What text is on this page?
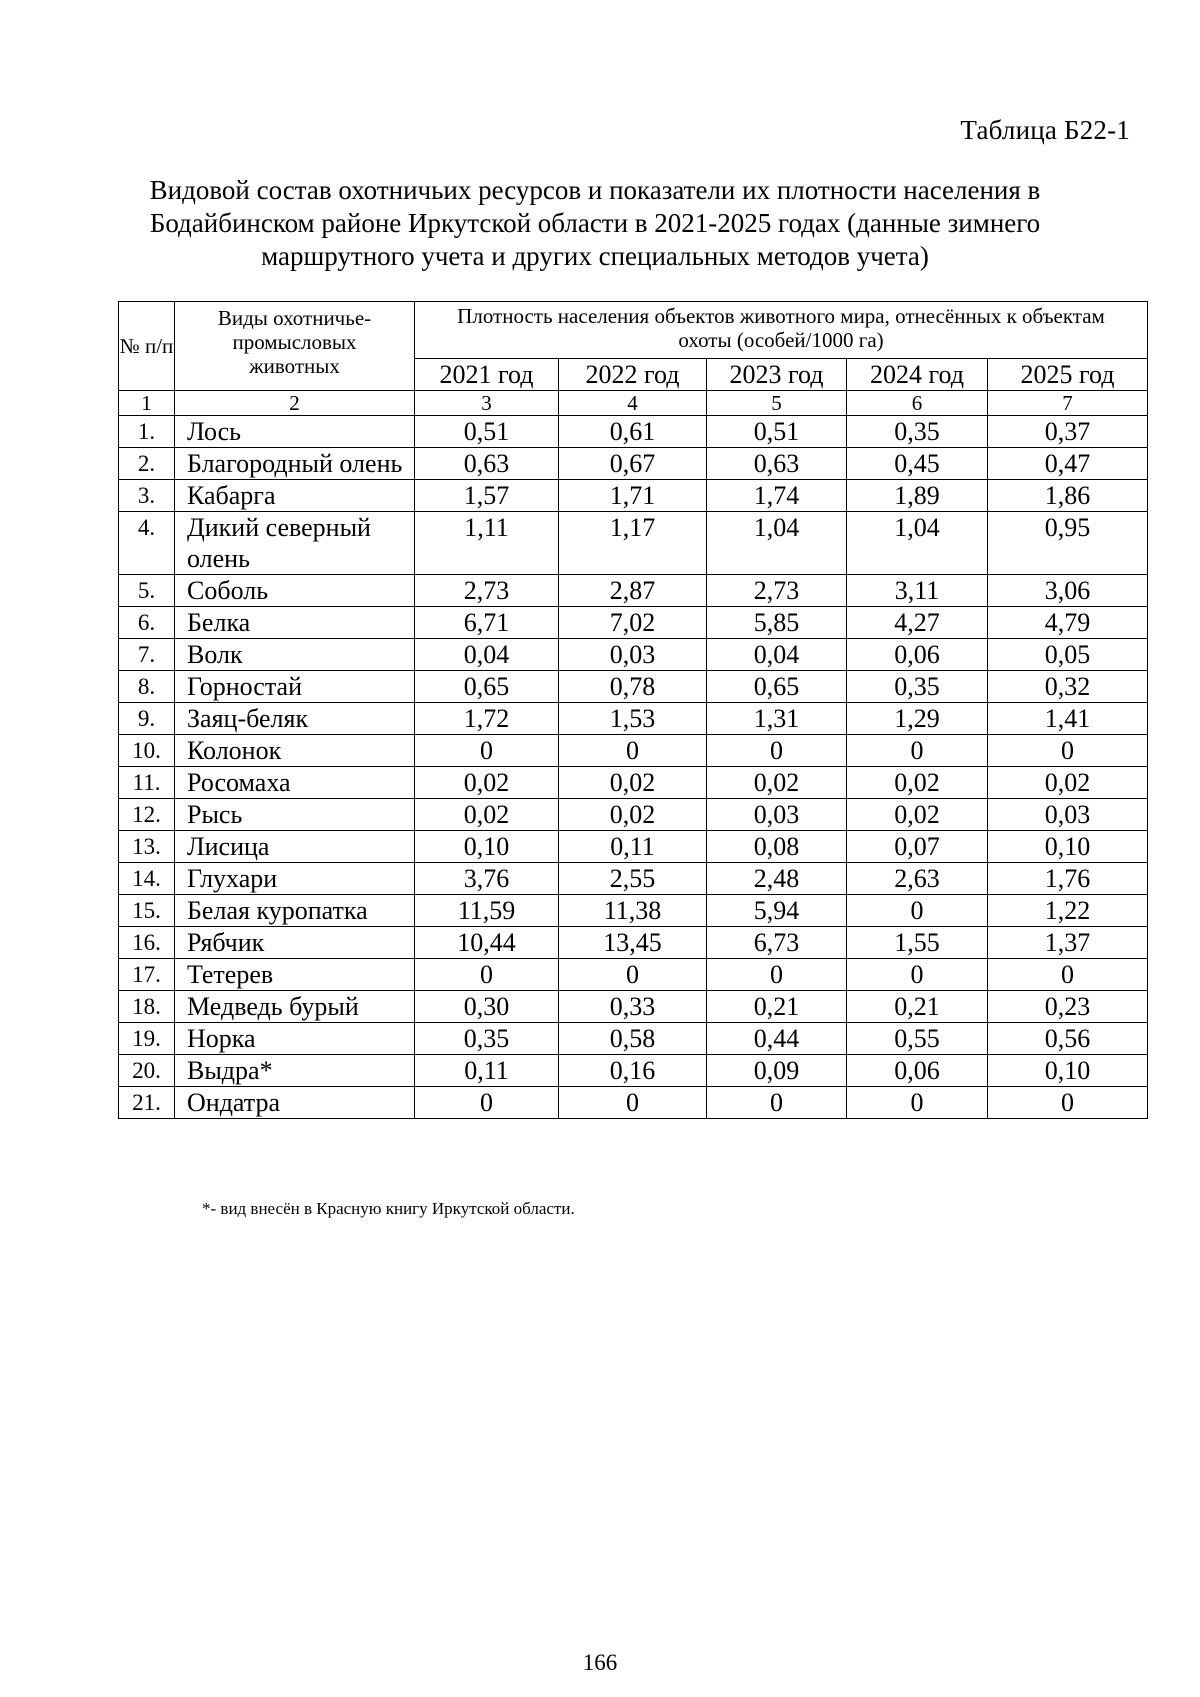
Таблица Б22-1
Видовой состав охотничьих ресурсов и показатели их плотности населения в
Бодайбинском районе Иркутской области в 2021-2025 годах (данные зимнего
маршрутного учета и других специальных методов учета)
№ п/п	Виды охотничье-промысловых животных	Плотность населения объектов животного мира, отнесённых к объектам охоты (особей/1000 га)				
		2021 год	2022 год	2023 год	2024 год	2025 год
1	2	3	4	5	6	7
1.	Лось	0,51	0,61	0,51	0,35	0,37
2.	Благородный олень	0,63	0,67	0,63	0,45	0,47
3.	Кабарга	1,57	1,71	1,74	1,89	1,86
4.	Дикий северный олень	1,11	1,17	1,04	1,04	0,95
5.	Соболь	2,73	2,87	2,73	3,11	3,06
6.	Белка	6,71	7,02	5,85	4,27	4,79
7.	Волк	0,04	0,03	0,04	0,06	0,05
8.	Горностай	0,65	0,78	0,65	0,35	0,32
9.	Заяц-беляк	1,72	1,53	1,31	1,29	1,41
10.	Колонок	0	0	0	0	0
11.	Росомаха	0,02	0,02	0,02	0,02	0,02
12.	Рысь	0,02	0,02	0,03	0,02	0,03
13.	Лисица	0,10	0,11	0,08	0,07	0,10
14.	Глухари	3,76	2,55	2,48	2,63	1,76
15.	Белая куропатка	11,59	11,38	5,94	0	1,22
16.	Рябчик	10,44	13,45	6,73	1,55	1,37
17.	Тетерев	0	0	0	0	0
18.	Медведь бурый	0,30	0,33	0,21	0,21	0,23
19.	Норка	0,35	0,58	0,44	0,55	0,56
20.	Выдра*	0,11	0,16	0,09	0,06	0,10
21.	Ондатра	0	0	0	0	0
*- вид внесён в Красную книгу Иркутской области.
166
